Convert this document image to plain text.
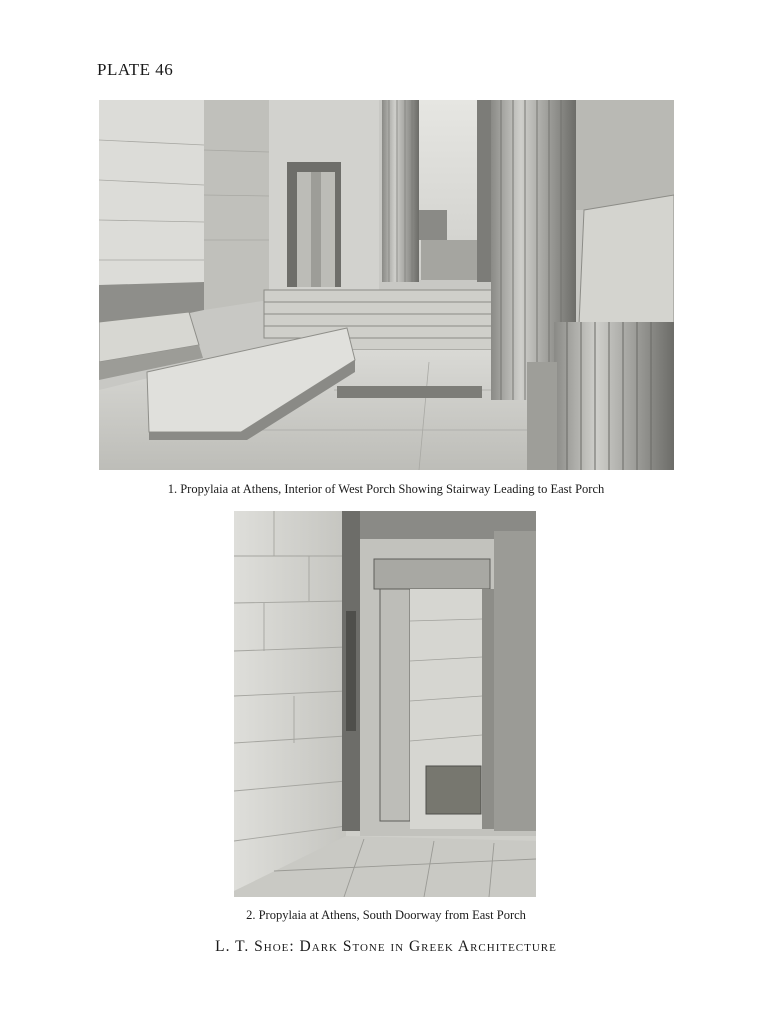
PLATE 46

1. Propylaia at Athens, Interior of West Porch Showing Stairway Leading to East Porch

2. Propylaia at Athens, South Doorway from East Porch

L. T. Shoe: Dark Stone in Greek Architecture
